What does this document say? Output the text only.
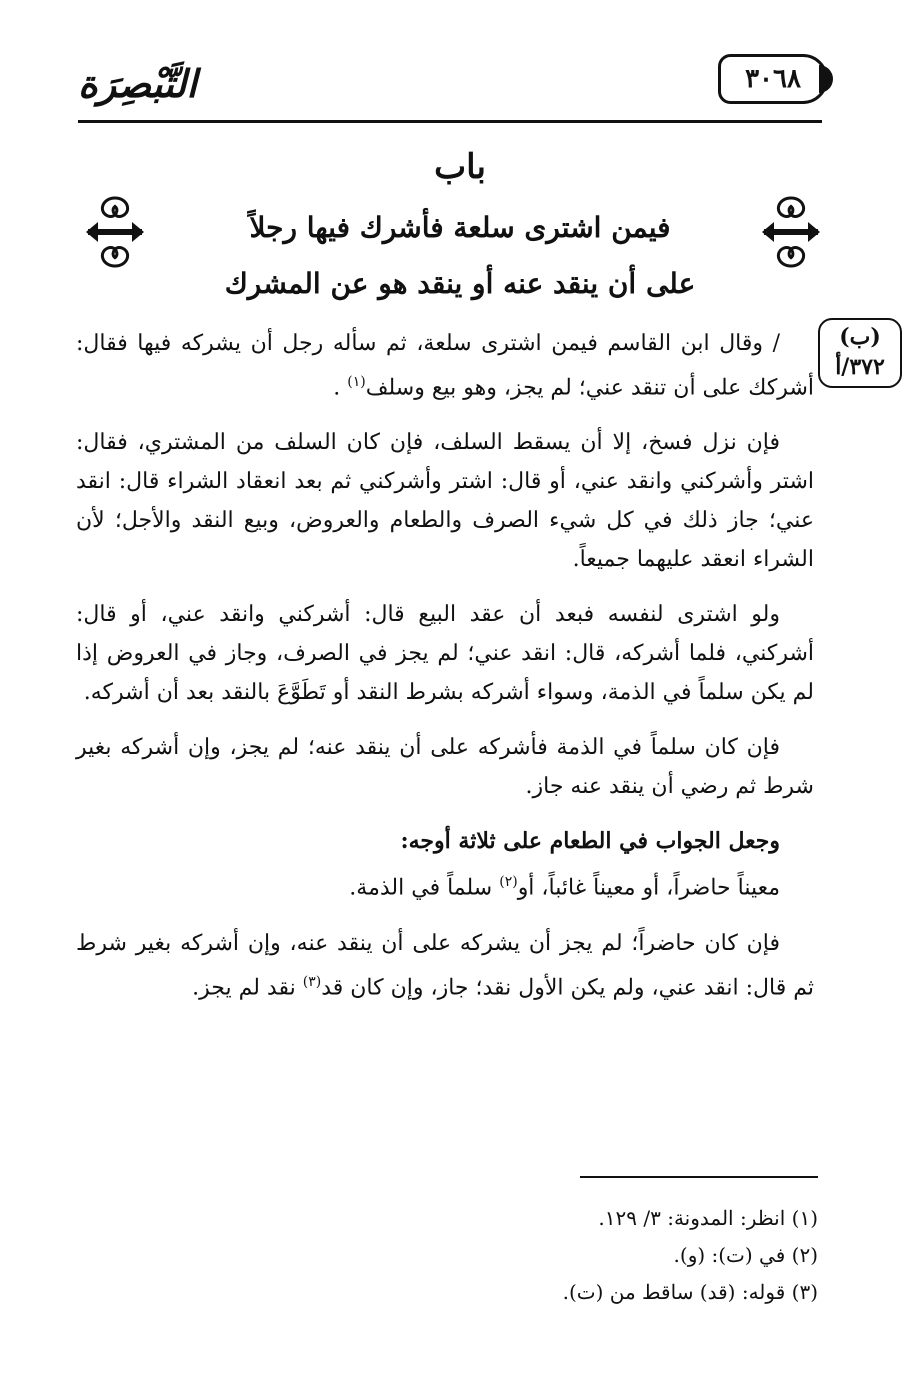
التَّبْصِرَة	٣٠٦٨
باب
فيمن اشترى سلعة فأشرك فيها رجلاً
على أن ينقد عنه أو ينقد هو عن المشرك
(ب)
٣٧٢/أ

/ وقال ابن القاسم فيمن اشترى سلعة، ثم سأله رجل أن يشركه فيها فقال: أشركك على أن تنقد عني؛ لم يجز، وهو بيع وسلف$^{(١)}$ .

فإن نزل فسخ، إلا أن يسقط السلف، فإن كان السلف من المشتري، فقال: اشتر وأشركني وانقد عني، أو قال: اشتر وأشركني ثم بعد انعقاد الشراء قال: انقد عني؛ جاز ذلك في كل شيء الصرف والطعام والعروض، وبيع النقد والأجل؛ لأن الشراء انعقد عليهما جميعاً.

ولو اشترى لنفسه فبعد أن عقد البيع قال: أشركني وانقد عني، أو قال: أشركني، فلما أشركه، قال: انقد عني؛ لم يجز في الصرف، وجاز في العروض إذا لم يكن سلماً في الذمة، وسواء أشركه بشرط النقد أو تَطَوَّعَ بالنقد بعد أن أشركه.

فإن كان سلماً في الذمة فأشركه على أن ينقد عنه؛ لم يجز، وإن أشركه بغير شرط ثم رضي أن ينقد عنه جاز.

وجعل الجواب في الطعام على ثلاثة أوجه:

معيناً حاضراً، أو معيناً غائباً، أو$^{(٢)}$ سلماً في الذمة.

فإن كان حاضراً؛ لم يجز أن يشركه على أن ينقد عنه، وإن أشركه بغير شرط ثم قال: انقد عني، ولم يكن الأول نقد؛ جاز، وإن كان قد$^{(٣)}$ نقد لم يجز.

(١) انظر: المدونة: ٣/ ١٢٩.
(٢) في (ت): (و).
(٣) قوله: (قد) ساقط من (ت).
